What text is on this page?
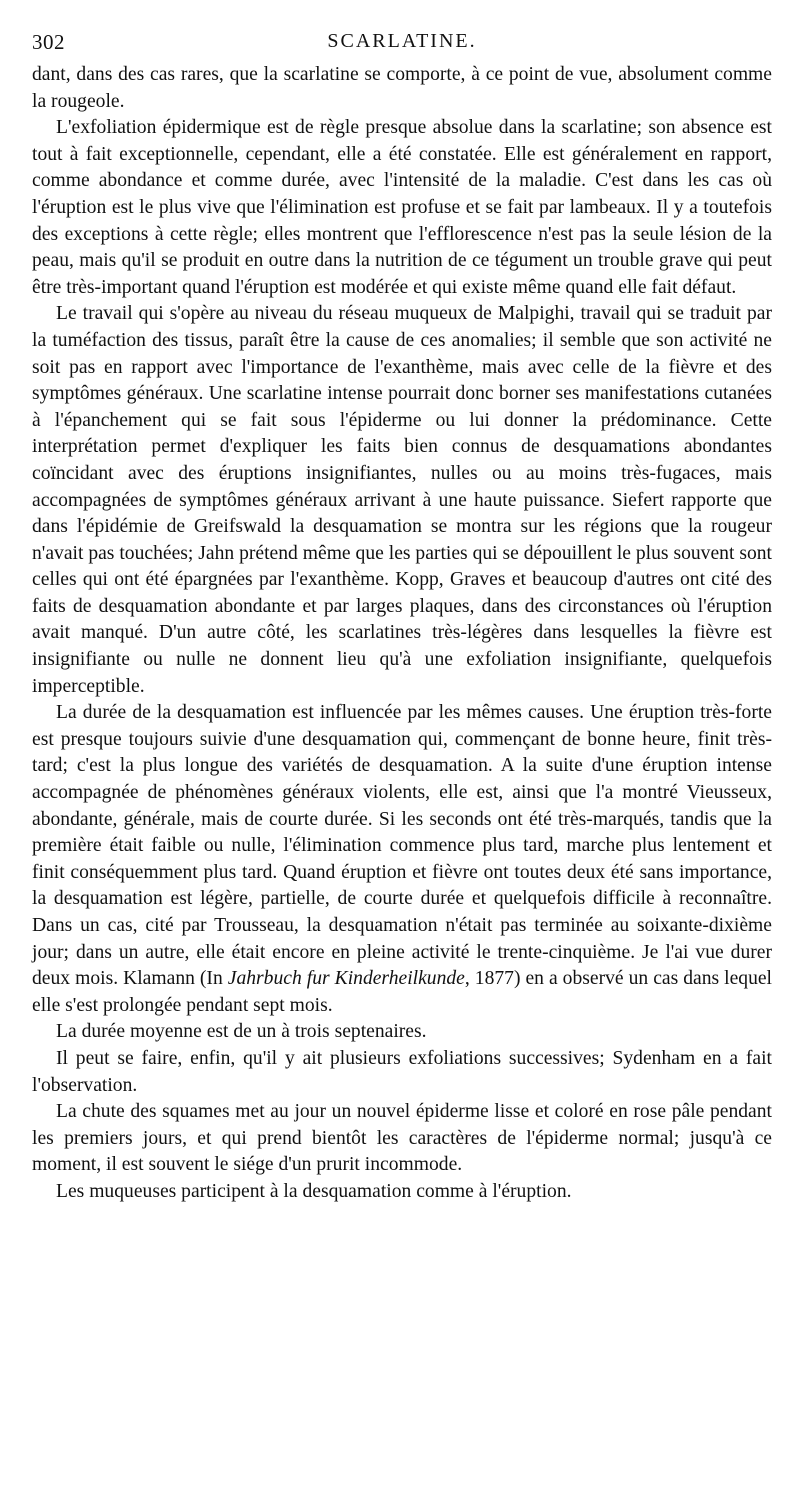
302	SCARLATINE.

dant, dans des cas rares, que la scarlatine se comporte, à ce point de vue, absolument comme la rougeole.

L'exfoliation épidermique est de règle presque absolue dans la scarlatine; son absence est tout à fait exceptionnelle, cependant, elle a été constatée. Elle est généralement en rapport, comme abondance et comme durée, avec l'intensité de la maladie. C'est dans les cas où l'éruption est le plus vive que l'élimination est profuse et se fait par lambeaux. Il y a toutefois des exceptions à cette règle; elles montrent que l'efflorescence n'est pas la seule lésion de la peau, mais qu'il se produit en outre dans la nutrition de ce tégument un trouble grave qui peut être très-important quand l'éruption est modérée et qui existe même quand elle fait défaut.

Le travail qui s'opère au niveau du réseau muqueux de Malpighi, travail qui se traduit par la tuméfaction des tissus, paraît être la cause de ces anomalies; il semble que son activité ne soit pas en rapport avec l'importance de l'exanthème, mais avec celle de la fièvre et des symptômes généraux. Une scarlatine intense pourrait donc borner ses manifestations cutanées à l'épanchement qui se fait sous l'épiderme ou lui donner la prédominance. Cette interprétation permet d'expliquer les faits bien connus de desquamations abondantes coïncidant avec des éruptions insignifiantes, nulles ou au moins très-fugaces, mais accompagnées de symptômes généraux arrivant à une haute puissance. Siefert rapporte que dans l'épidémie de Greifswald la desquamation se montra sur les régions que la rougeur n'avait pas touchées; Jahn prétend même que les parties qui se dépouillent le plus souvent sont celles qui ont été épargnées par l'exanthème. Kopp, Graves et beaucoup d'autres ont cité des faits de desquamation abondante et par larges plaques, dans des circonstances où l'éruption avait manqué. D'un autre côté, les scarlatines très-légères dans lesquelles la fièvre est insignifiante ou nulle ne donnent lieu qu'à une exfoliation insignifiante, quelquefois imperceptible.

La durée de la desquamation est influencée par les mêmes causes. Une éruption très-forte est presque toujours suivie d'une desquamation qui, commençant de bonne heure, finit très-tard; c'est la plus longue des variétés de desquamation. A la suite d'une éruption intense accompagnée de phénomènes généraux violents, elle est, ainsi que l'a montré Vieusseux, abondante, générale, mais de courte durée. Si les seconds ont été très-marqués, tandis que la première était faible ou nulle, l'élimination commence plus tard, marche plus lentement et finit conséquemment plus tard. Quand éruption et fièvre ont toutes deux été sans importance, la desquamation est légère, partielle, de courte durée et quelquefois difficile à reconnaître. Dans un cas, cité par Trousseau, la desquamation n'était pas terminée au soixante-dixième jour; dans un autre, elle était encore en pleine activité le trente-cinquième. Je l'ai vue durer deux mois. Klamann (In Jahrbuch fur Kinderheilkunde, 1877) en a observé un cas dans lequel elle s'est prolongée pendant sept mois.

La durée moyenne est de un à trois septenaires.

Il peut se faire, enfin, qu'il y ait plusieurs exfoliations successives; Sydenham en a fait l'observation.

La chute des squames met au jour un nouvel épiderme lisse et coloré en rose pâle pendant les premiers jours, et qui prend bientôt les caractères de l'épiderme normal; jusqu'à ce moment, il est souvent le siége d'un prurit incommode.

Les muqueuses participent à la desquamation comme à l'éruption.
